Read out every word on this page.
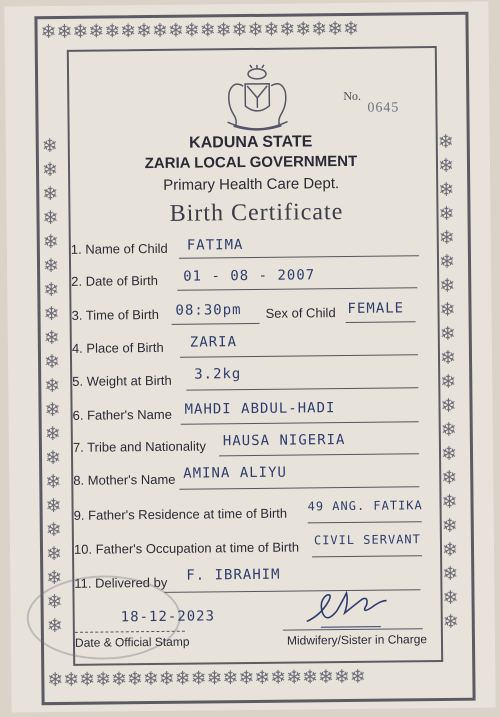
❄❄❄❄❄❄❄❄❄❄❄❄❄❄❄❄❄❄❄❄
❄❄❄❄❄❄❄❄❄❄❄❄❄❄❄❄❄❄❄❄
❄
❄
❄
❄
❄
❄
❄
❄
❄
❄
❄
❄
❄
❄
❄
❄
❄
❄
❄
❄
❄
❄
❄
❄
❄
❄
❄
❄
❄
❄
❄
❄
❄
❄
❄
❄
❄
❄
❄
❄
❄
❄
No.
0645
KADUNA STATE
ZARIA LOCAL GOVERNMENT
Primary Health Care Dept.
Birth Certificate
1. Name of Child FATIMA
2. Date of Birth 01 - 08 - 2007
3. Time of Birth 08:30pm Sex of Child FEMALE
4. Place of Birth ZARIA
5. Weight at Birth 3.2kg
6. Father's Name MAHDI ABDUL-HADI
7. Tribe and Nationality HAUSA NIGERIA
8. Mother's Name AMINA ALIYU
9. Father's Residence at time of Birth 49 ANG. FATIKA
10. Father's Occupation at time of Birth CIVIL SERVANT
11. Delivered by F. IBRAHIM
18-12-2023
Date & Official Stamp	Midwifery/Sister in Charge
